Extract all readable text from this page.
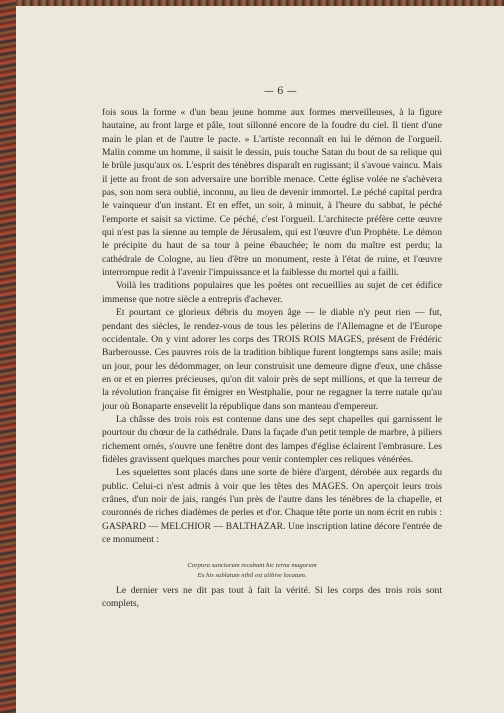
— 6 —

fois sous la forme « d'un beau jeune homme aux formes merveilleuses, à la figure hautaine, au front large et pâle, tout sillonné encore de la foudre du ciel. Il tient d'une main le plan et de l'autre le pacte. » L'artiste reconnaît en lui le démon de l'orgueil. Malin comme un homme, il saisit le dessin, puis touche Satan du bout de sa relique qui le brûle jusqu'aux os. L'esprit des ténèbres disparaît en rugissant; il s'avoue vaincu. Mais il jette au front de son adversaire une horrible menace. Cette église volée ne s'achèvera pas, son nom sera oublié, inconnu, au lieu de devenir immortel. Le péché capital perdra le vainqueur d'un instant. Et en effet, un soir, à minuit, à l'heure du sabbat, le péché l'emporte et saisit sa victime. Ce péché, c'est l'orgueil. L'architecte préfère cette œuvre qui n'est pas la sienne au temple de Jérusalem, qui est l'œuvre d'un Prophète. Le démon le précipite du haut de sa tour à peine ébauchée; le nom du maître est perdu; la cathédrale de Cologne, au lieu d'être un monument, reste à l'état de ruine, et l'œuvre interrompue redit à l'avenir l'impuissance et la faiblesse du mortel qui a failli.

Voilà les traditions populaires que les poëtes ont recueillies au sujet de cet édifice immense que notre siècle a entrepris d'achever.

Et pourtant ce glorieux débris du moyen âge — le diable n'y peut rien — fut, pendant des siècles, le rendez-vous de tous les pèlerins de l'Allemagne et de l'Europe occidentale. On y vint adorer les corps des TROIS ROIS MAGES, présent de Frédéric Barberousse. Ces pauvres rois de la tradition biblique furent longtemps sans asile; mais un jour, pour les dédommager, on leur construisit une demeure digne d'eux, une châsse en or et en pierres précieuses, qu'on dit valoir près de sept millions, et que la terreur de la révolution française fit émigrer en Westphalie, pour ne regagner la terre natale qu'au jour où Bonaparte ensevelit la république dans son manteau d'empereur.

La châsse des trois rois est contenue dans une des sept chapelles qui garnissent le pourtour du chœur de la cathédrale. Dans la façade d'un petit temple de marbre, à piliers richement ornés, s'ouvre une fenêtre dont des lampes d'église éclairent l'embrasure. Les fidèles gravissent quelques marches pour venir contempler ces reliques vénérées.

Les squelettes sont placés dans une sorte de bière d'argent, dérobée aux regards du public. Celui-ci n'est admis à voir que les têtes des MAGES. On aperçoit leurs trois crânes, d'un noir de jais, rangés l'un près de l'autre dans les ténèbres de la chapelle, et couronnés de riches diadèmes de perles et d'or. Chaque tête porte un nom écrit en rubis : GASPARD — MELCHIOR — BALTHAZAR. Une inscription latine décore l'entrée de ce monument :

Corpora sanctorum recubant hic terna magorum
Ex his sublatum nihil est alibive locatum.
Le dernier vers ne dit pas tout à fait la vérité. Si les corps des trois rois sont complets,
